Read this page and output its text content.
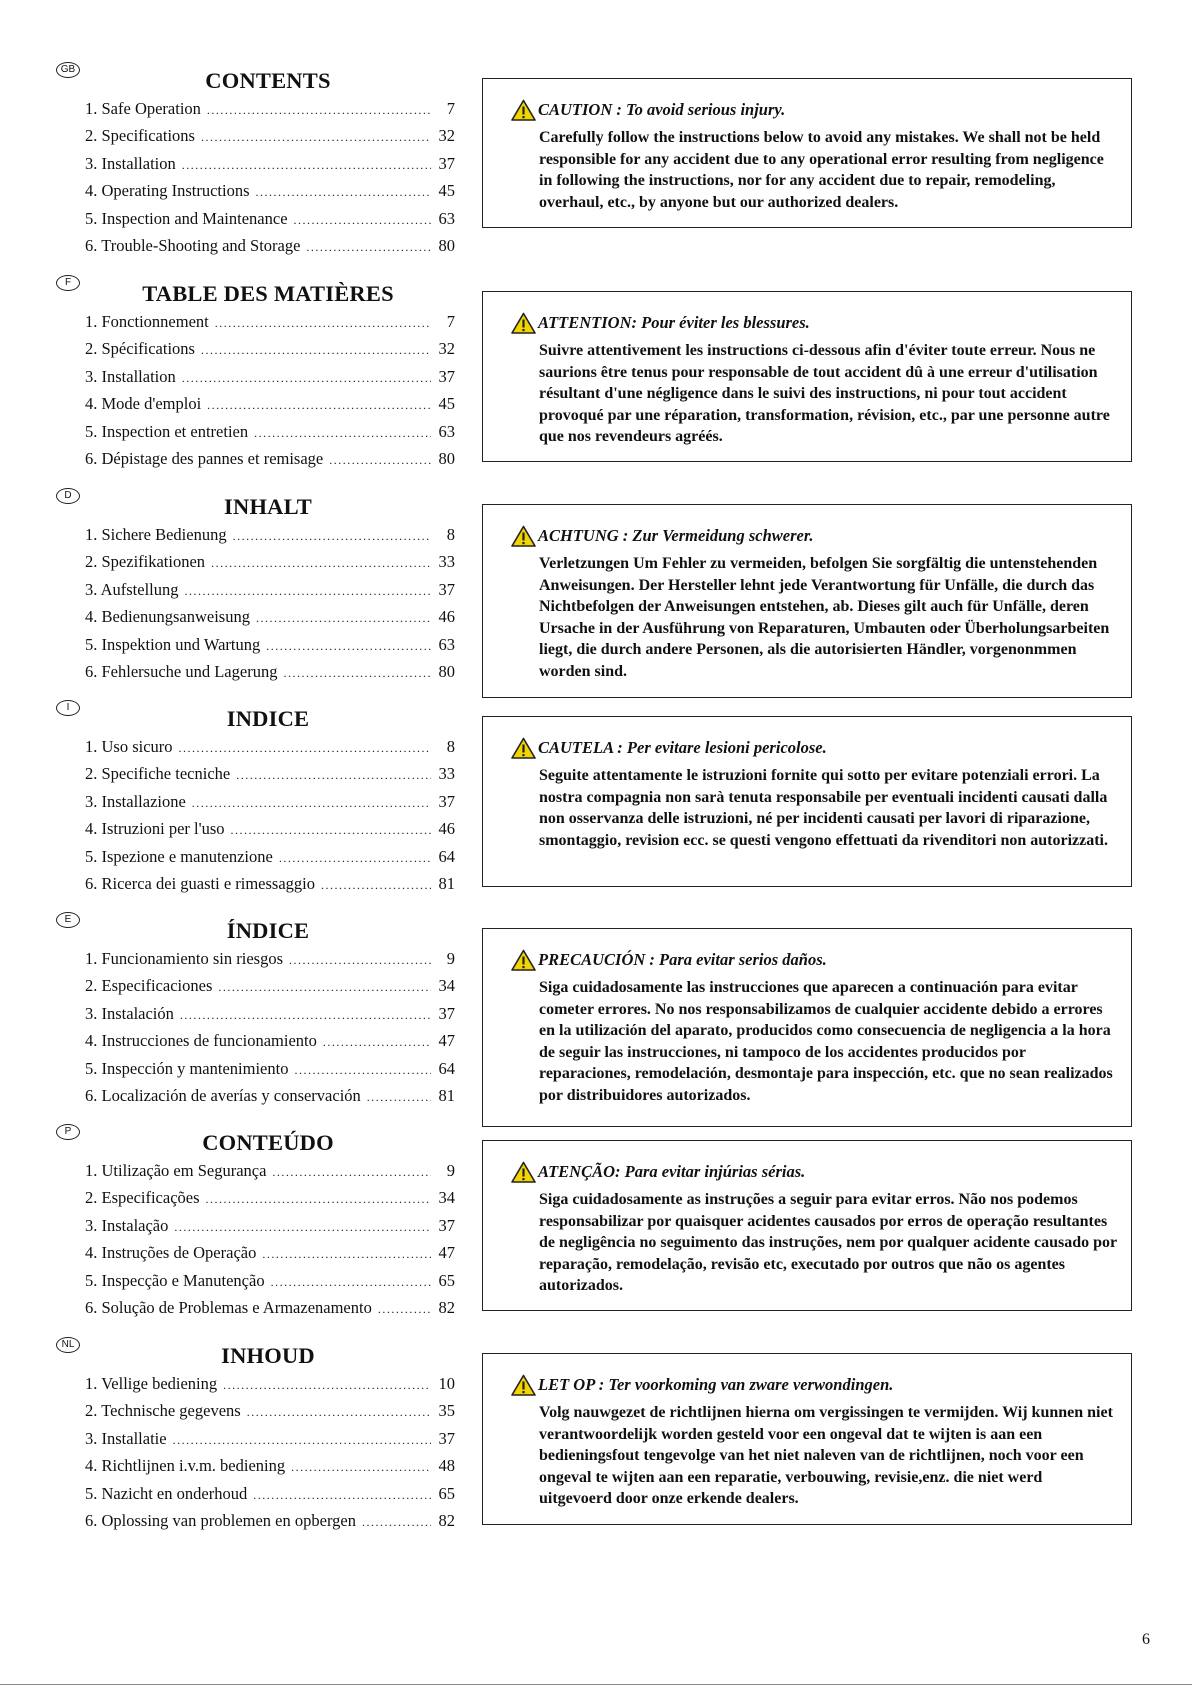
GB	CONTENTS
1. Safe Operation .....	7
2. Specifications .....	32
3. Installation .....	37
4. Operating Instructions .....	45
5. Inspection and Maintenance .....	63
6. Trouble-Shooting and Storage .....	80
CAUTION : To avoid serious injury.
Carefully follow the instructions below to avoid any mistakes. We shall not be held responsible for any accident due to any operational error resulting from negligence in following the instructions, nor for any accident due to repair, remodeling, overhaul, etc., by anyone but our authorized dealers.
F	TABLE DES MATIÈRES
1. Fonctionnement .....	7
2. Spécifications .....	32
3. Installation .....	37
4. Mode d'emploi .....	45
5. Inspection et entretien .....	63
6. Dépistage des pannes et remisage .....	80
ATTENTION: Pour éviter les blessures.
Suivre attentivement les instructions ci-dessous afin d'éviter toute erreur. Nous ne saurions être tenus pour responsable de tout accident dû à une erreur d'utilisation résultant d'une négligence dans le suivi des instructions, ni pour tout accident provoqué par une réparation, transformation, révision, etc., par une personne autre que nos revendeurs agréés.
D	INHALT
1. Sichere Bedienung .....	8
2. Spezifikationen .....	33
3. Aufstellung .....	37
4. Bedienungsanweisung .....	46
5. Inspektion und Wartung .....	63
6. Fehlersuche und Lagerung .....	80
ACHTUNG : Zur Vermeidung schwerer.
Verletzungen Um Fehler zu vermeiden, befolgen Sie sorgfältig die untenstehenden Anweisungen. Der Hersteller lehnt jede Verantwortung für Unfälle, die durch das Nichtbefolgen der Anweisungen entstehen, ab. Dieses gilt auch für Unfälle, deren Ursache in der Ausführung von Reparaturen, Umbauten oder Überholungsarbeiten liegt, die durch andere Personen, als die autorisierten Händler, vorgenonmmen worden sind.
I	INDICE
1. Uso sicuro .....	8
2. Specifiche tecniche .....	33
3. Installazione .....	37
4. Istruzioni per l'uso .....	46
5. Ispezione e manutenzione .....	64
6. Ricerca dei guasti e rimessaggio .....	81
CAUTELA : Per evitare lesioni pericolose.
Seguite attentamente le istruzioni fornite qui sotto per evitare potenziali errori. La nostra compagnia non sarà tenuta responsabile per eventuali incidenti causati dalla non osservanza delle istruzioni, né per incidenti causati per lavori di riparazione, smontaggio, revision ecc. se questi vengono effettuati da rivenditori non autorizzati.
E	ÍNDICE
1. Funcionamiento sin riesgos .....	9
2. Especificaciones .....	34
3. Instalación .....	37
4. Instrucciones de funcionamiento .....	47
5. Inspección y mantenimiento .....	64
6. Localización de averías y conservación .....	81
PRECAUCIÓN : Para evitar serios daños.
Siga cuidadosamente las instrucciones que aparecen a continuación para evitar cometer errores. No nos responsabilizamos de cualquier accidente debido a errores en la utilización del aparato, producidos como consecuencia de negligencia a la hora de seguir las instrucciones, ni tampoco de los accidentes producidos por reparaciones, remodelación, desmontaje para inspección, etc. que no sean realizados por distribuidores autorizados.
P	CONTEÚDO
1. Utilização em Segurança .....	9
2. Especificações .....	34
3. Instalação .....	37
4. Instruções de Operação .....	47
5. Inspecção e Manutenção .....	65
6. Solução de Problemas e Armazenamento .....	82
ATENÇÃO: Para evitar injúrias sérias.
Siga cuidadosamente as instruções a seguir para evitar erros. Não nos podemos responsabilizar por quaisquer acidentes causados por erros de operação resultantes de negligência no seguimento das instruções, nem por qualquer acidente causado por reparação, remodelação, revisão etc, executado por outros que não os agentes autorizados.
NL	INHOUD
1. Vellige bediening .....	10
2. Technische gegevens .....	35
3. Installatie .....	37
4. Richtlijnen i.v.m. bediening .....	48
5. Nazicht en onderhoud .....	65
6. Oplossing van problemen en opbergen .....	82
LET OP : Ter voorkoming van zware verwondingen.
Volg nauwgezet de richtlijnen hierna om vergissingen te vermijden. Wij kunnen niet verantwoordelijk worden gesteld voor een ongeval dat te wijten is aan een bedieningsfout tengevolge van het niet naleven van de richtlijnen, noch voor een ongeval te wijten aan een reparatie, verbouwing, revisie,enz. die niet werd uitgevoerd door onze erkende dealers.
6
